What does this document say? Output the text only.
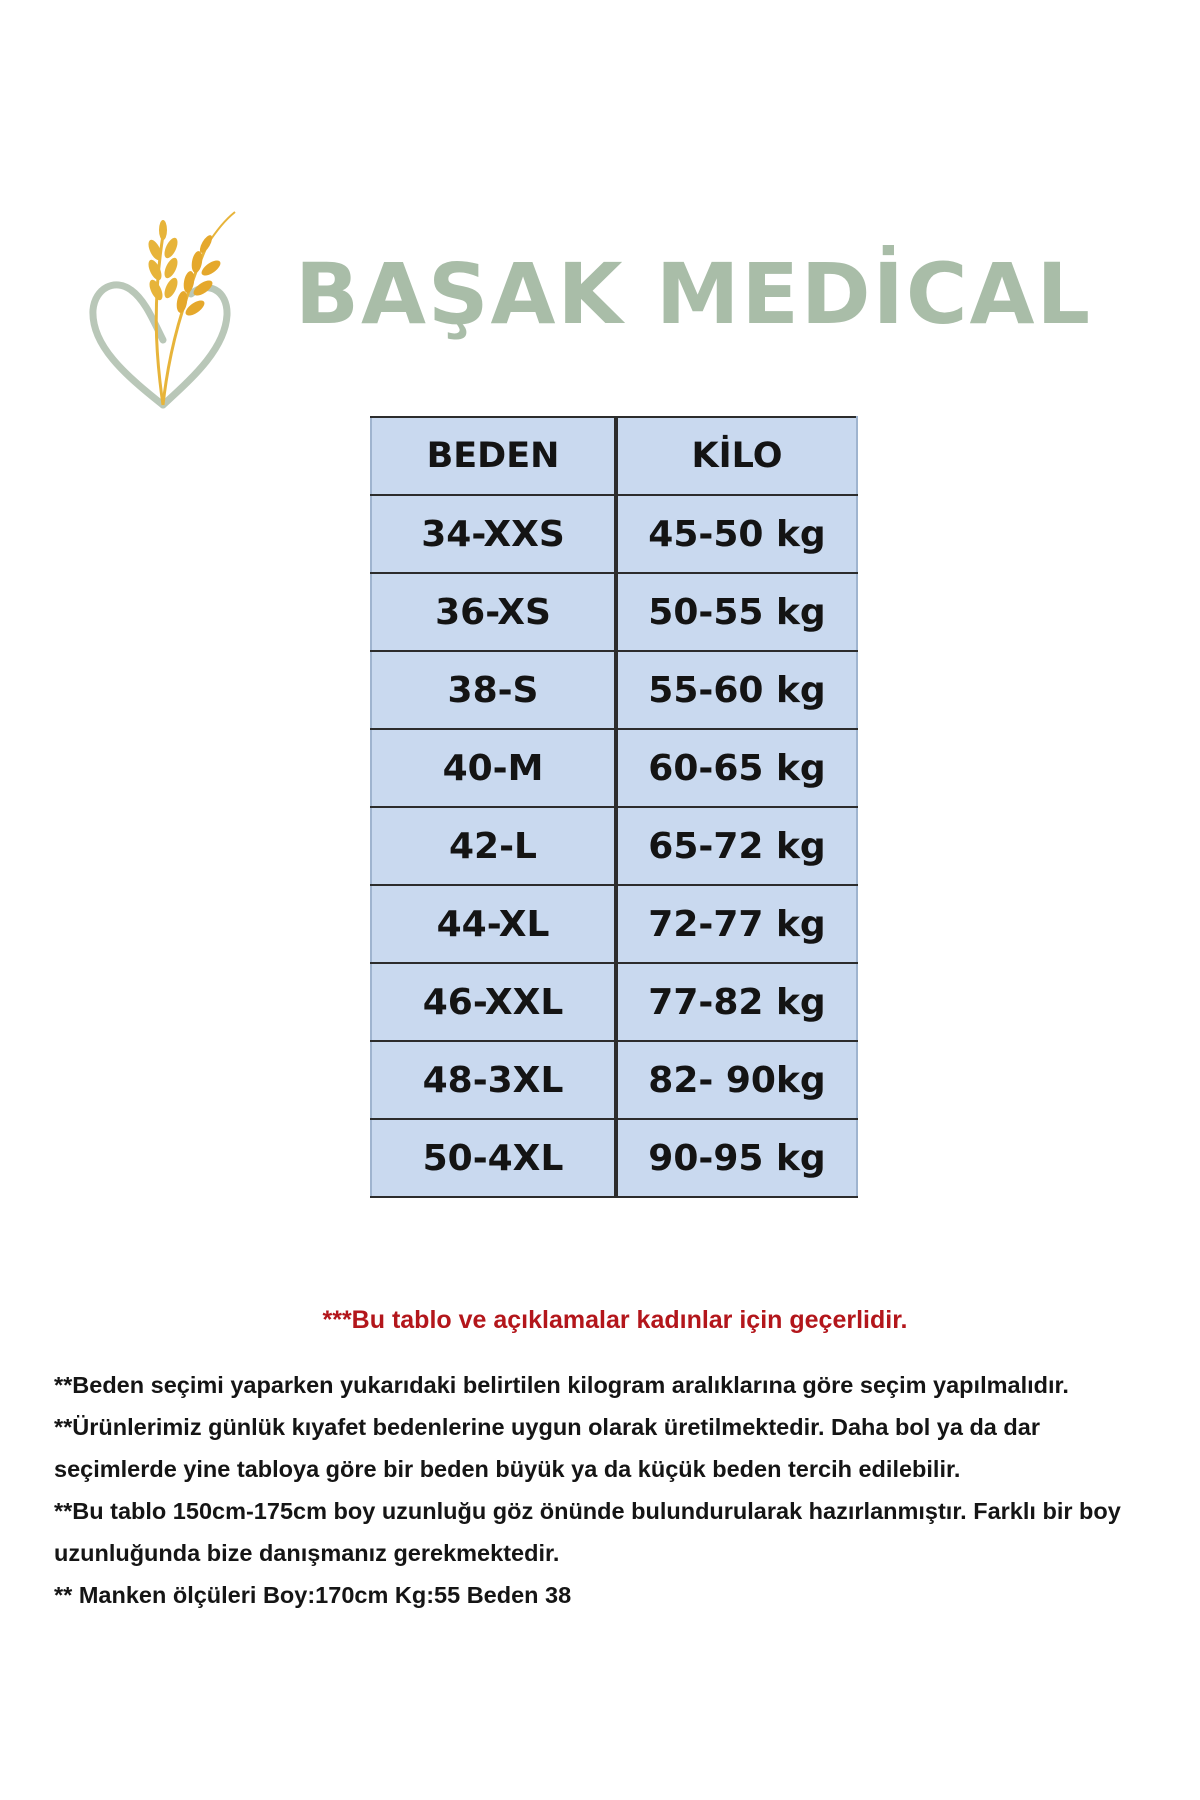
BAŞAK MEDİCAL
BEDEN	KİLO
34-XXS	45-50 kg
36-XS	50-55 kg
38-S	55-60 kg
40-M	60-65 kg
42-L	65-72 kg
44-XL	72-77 kg
46-XXL	77-82 kg
48-3XL	82- 90kg
50-4XL	90-95 kg
***Bu tablo ve açıklamalar kadınlar için geçerlidir.

**Beden seçimi yaparken yukarıdaki belirtilen kilogram aralıklarına göre seçim yapılmalıdır.

**Ürünlerimiz günlük kıyafet bedenlerine uygun olarak üretilmektedir. Daha bol ya da dar seçimlerde yine tabloya göre bir beden büyük ya da küçük beden tercih edilebilir.

**Bu tablo 150cm-175cm boy uzunluğu göz önünde bulundurularak hazırlanmıştır. Farklı bir boy uzunluğunda bize danışmanız gerekmektedir.

** Manken ölçüleri Boy:170cm Kg:55 Beden 38
